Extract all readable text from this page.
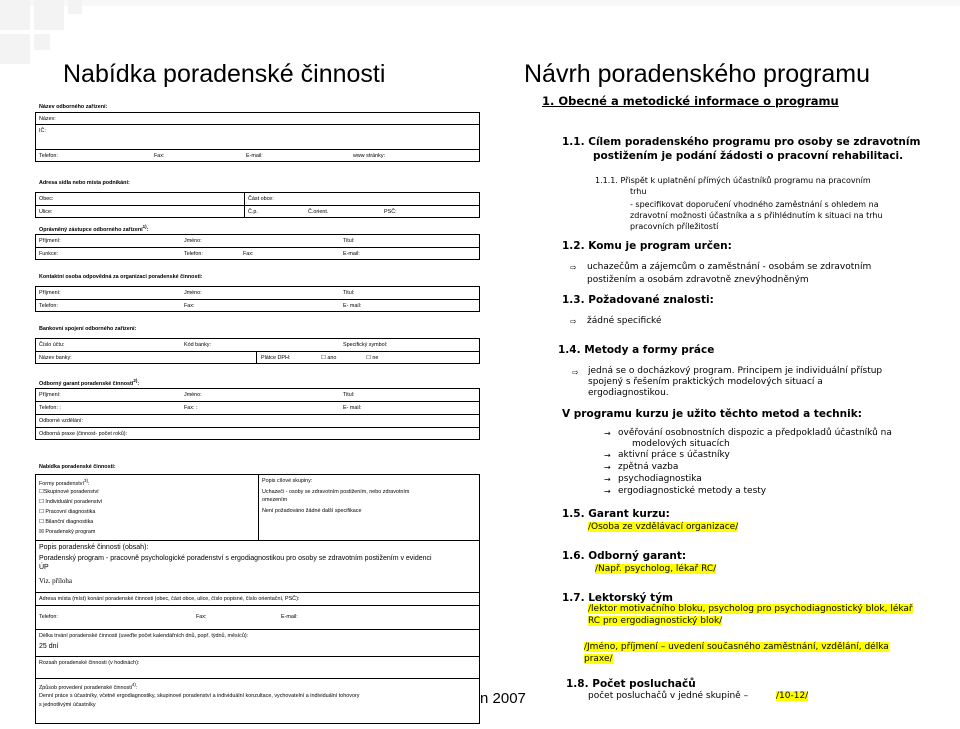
Nabídka poradenské činnosti	Návrh poradenského programu
Název odborného zařízení:
Název:
IČ:
Telefon:	Fax:	E-mail:	www stránky:
Adresa sídla nebo místa podnikání:
Obec:	Část obce:
Ulice:	Č.p.	Č.orient.	PSČ:
Oprávněný zástupce odborného zařízení$^{1)}$:
Příjmení:	Jméno:	Titul:
Funkce:	Telefon:	Fax:	E-mail:
Kontaktní osoba odpovědná za organizaci poradenské činnosti:
Příjmení:	Jméno:	Titul:
Telefon:	Fax:	E- mail:
Bankovní spojení odborného zařízení:
Číslo účtu:	Kód banky:	Specifický symbol:
Název banky:	Plátce DPH:	☐ ano	☐ ne
Odborný garant poradenské činnosti$^{2)}$:
Příjmení:	Jméno:	Titul:
Telefon: :	Fax: :	E- mail:
Odborné vzdělání:
Odborná praxe (činnost- počet roků):
Nabídka poradenské činnosti:
Formy poradenství$^{3)}$:
☐Skupinové poradenství
☐ Individuální poradenství
☐ Pracovní diagnostika
☐ Bilanční diagnostika
☒ Poradenský program
Popis cílové skupiny:
Uchazeči - osoby se zdravotním postižením, nebo zdravotním
omezením
Není požadováno žádné další specifikace
Popis poradenské činnosti (obsah):
Poradenský program - pracovně psychologické poradenství s ergodiagnostikou pro osoby se zdravotním postižením v evidenci
ÚP
Viz. příloha
Adresa místa (míst) konání poradenské činnosti (obec, část obce, ulice, číslo popisné, číslo orientační, PSČ):
Telefon:	Fax:	E-mail:
Délka trvání poradenské činnosti (uveďte počet kalendářních dnů, popř. týdnů, měsíců):
25 dní
Rozsah poradenské činnosti (v hodinách):
Způsob provedení poradenské činnosti$^{4)}$:
Denní práce s účastníky, včetně ergodiagnostiky, skupinové poradenství a individuální konzultace, vychovatelní a individuální tohovory
s jednotlivými účastníky	n 2007
1. Obecné a metodické informace o programu
1.1. Cílem poradenského programu pro osoby se zdravotním
postižením je podání žádosti o pracovní rehabilitaci.
1.1.1. Přispět k uplatnění přímých účastníků programu na pracovním
trhu
- specifikovat doporučení vhodného zaměstnání s ohledem na
zdravotní možnosti účastníka a s přihlédnutím k situaci na trhu
pracovních příležitostí
1.2. Komu je program určen:
⇨ uchazečům a zájemcům o zaměstnání - osobám se zdravotním
postižením a osobám zdravotně znevýhodněným
1.3. Požadované znalosti:
⇨ žádné specifické
1.4. Metody a formy práce
⇨ jedná se o docházkový program. Principem je individuální přístup
spojený s řešením praktických modelových situací a
ergodiagnostikou.
V programu kurzu je užito těchto metod a technik:
→ ověřování osobnostních dispozic a předpokladů účastníků na
modelových situacích
→ aktivní práce s účastníky
→ zpětná vazba
→ psychodiagnostika
→ ergodiagnostické metody a testy
1.5. Garant kurzu:
/Osoba ze vzdělávací organizace/
1.6. Odborný garant:
/Např. psycholog, lékař RC/
1.7. Lektorský tým
/lektor motivačního bloku, psycholog pro psychodiagnostický blok, lékař
RC pro ergodiagnostický blok/
/Jméno, příjmení – uvedení současného zaměstnání, vzdělání, délka
praxe/
1.8. Počet posluchačů
počet posluchačů v jedné skupině –	/10-12/
